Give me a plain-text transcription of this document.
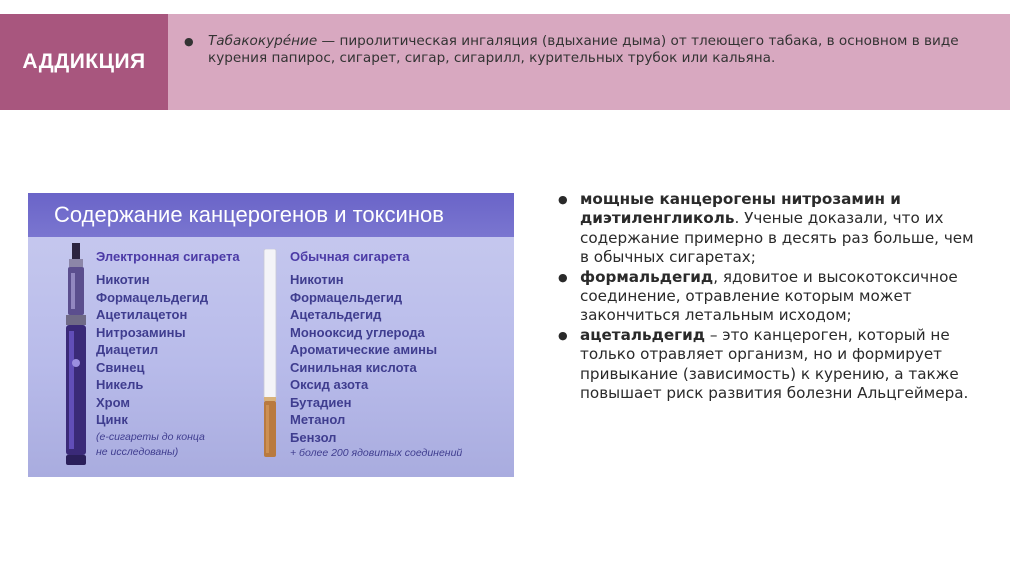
АДДИКЦИЯ
●	Табакокуре́ние — пиролитическая ингаляция (вдыхание дыма) от тлеющего табака, в основном в виде курения папирос, сигарет, сигар, сигарилл, курительных трубок или кальяна.

Содержание канцерогенов и токсинов
Электронная сигарета
Никотин
Формацельдегид
Ацетилацетон
Нитрозамины
Диацетил
Свинец
Никель
Хром
Цинк
(е-сигареты до конца
не исследованы)
Обычная сигарета
Никотин
Формацельдегид
Ацетальдегид
Монооксид углерода
Ароматические амины
Синильная кислота
Оксид азота
Бутадиен
Метанол
Бензол
+ более 200 ядовитых соединений
● мощные канцерогены нитрозамин и диэтиленгликоль. Ученые доказали, что их содержание примерно в десять раз больше, чем в обычных сигаретах;
● формальдегид, ядовитое и высокотоксичное соединение, отравление которым может закончиться летальным исходом;
● ацетальдегид – это канцероген, который не только отравляет организм, но и формирует привыкание (зависимость) к курению, а также повышает риск развития болезни Альцгеймера.
